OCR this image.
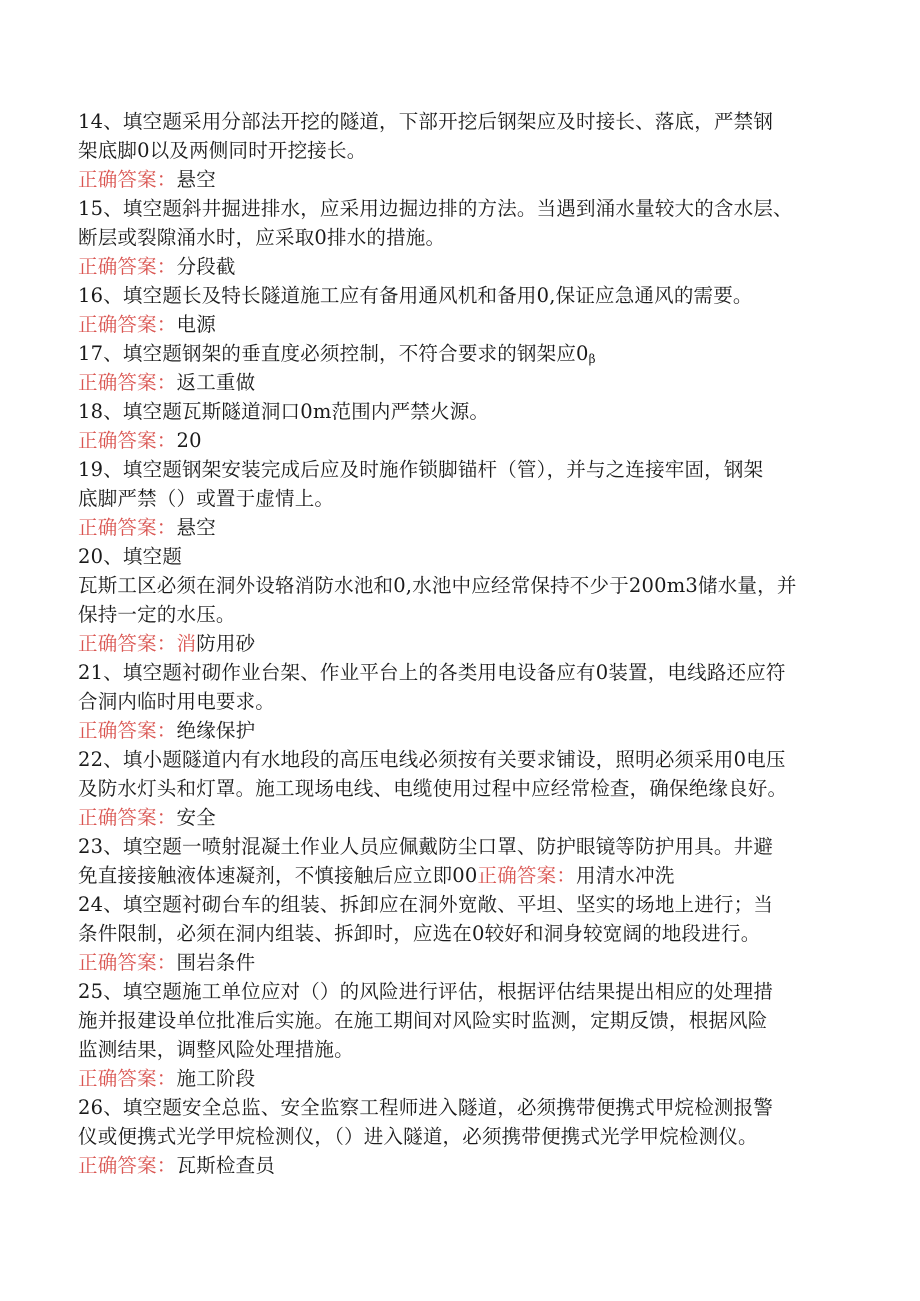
14、填空题采用分部法开挖的隧道，下部开挖后钢架应及时接长、落底，严禁钢
架底脚0以及两侧同时开挖接长。
正确答案：悬空
15、填空题斜井掘进排水，应采用边掘边排的方法。当遇到涌水量较大的含水层、
断层或裂隙涌水时，应采取0排水的措施。
正确答案：分段截
16、填空题长及特长隧道施工应有备用通风机和备用0,保证应急通风的需要。
正确答案：电源
17、填空题钢架的垂直度必须控制，不符合要求的钢架应$0_\beta$
正确答案：返工重做
18、填空题瓦斯隧道洞口0m范围内严禁火源。
正确答案：20
19、填空题钢架安装完成后应及时施作锁脚锚杆（管），并与之连接牢固，钢架
底脚严禁（）或置于虚情上。
正确答案：悬空
20、填空题
瓦斯工区必须在洞外设辂消防水池和0,水池中应经常保持不少于200m3储水量，并
保持一定的水压。
正确答案：消防用砂
21、填空题衬砌作业台架、作业平台上的各类用电设备应有0装置，电线路还应符
合洞内临时用电要求。
正确答案：绝缘保护
22、填小题隧道内有水地段的高压电线必须按有关要求铺设，照明必须采用0电压
及防水灯头和灯罩。施工现场电线、电缆使用过程中应经常检查，确保绝缘良好。
正确答案：安全
23、填空题一喷射混凝土作业人员应佩戴防尘口罩、防护眼镜等防护用具。井避
免直接接触液体速凝剂，不慎接触后应立即00正确答案：用清水冲洗
24、填空题衬砌台车的组装、拆卸应在洞外宽敞、平坦、坚实的场地上进行；当
条件限制，必须在洞内组装、拆卸时，应选在0较好和洞身较宽阔的地段进行。
正确答案：围岩条件
25、填空题施工单位应对（）的风险进行评估，根据评估结果提出相应的处理措
施并报建设单位批准后实施。在施工期间对风险实时监测，定期反馈，根据风险
监测结果，调整风险处理措施。
正确答案：施工阶段
26、填空题安全总监、安全监察工程师进入隧道，必须携带便携式甲烷检测报警
仪或便携式光学甲烷检测仪，（）进入隧道，必须携带便携式光学甲烷检测仪。
正确答案：瓦斯检查员
